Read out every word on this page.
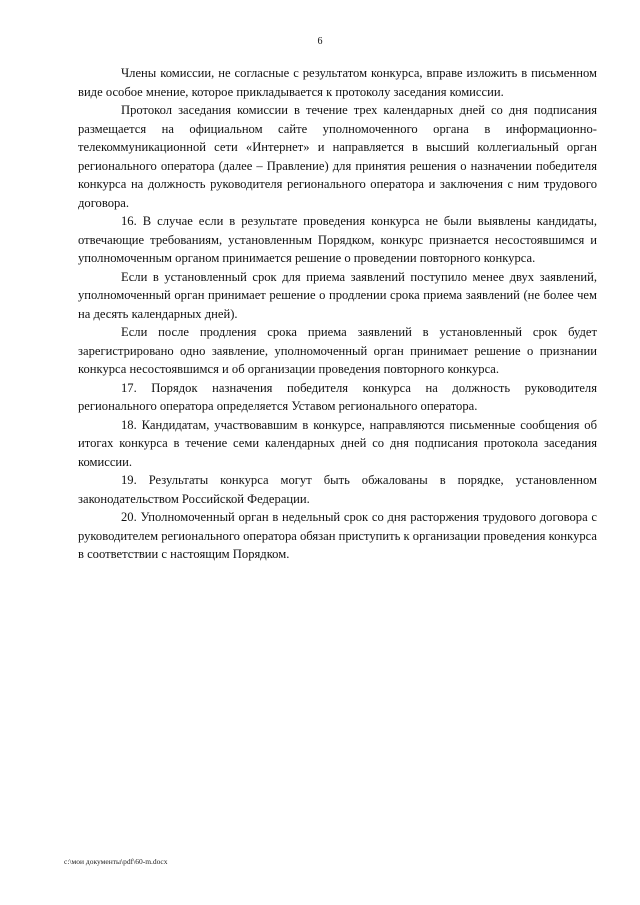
6

Члены комиссии, не согласные с результатом конкурса, вправе изложить в письменном виде особое мнение, которое прикладывается к протоколу заседания комиссии.

Протокол заседания комиссии в течение трех календарных дней со дня подписания размещается на официальном сайте уполномоченного органа в информационно-телекоммуникационной сети «Интернет» и направляется в высший коллегиальный орган регионального оператора (далее – Правление) для принятия решения о назначении победителя конкурса на должность руководителя регионального оператора и заключения с ним трудового договора.

16. В случае если в результате проведения конкурса не были выявлены кандидаты, отвечающие требованиям, установленным Порядком, конкурс признается несостоявшимся и уполномоченным органом принимается решение о проведении повторного конкурса.

Если в установленный срок для приема заявлений поступило менее двух заявлений, уполномоченный орган принимает решение о продлении срока приема заявлений (не более чем на десять календарных дней).

Если после продления срока приема заявлений в установленный срок будет зарегистрировано одно заявление, уполномоченный орган принимает решение о признании конкурса несостоявшимся и об организации проведения повторного конкурса.

17. Порядок назначения победителя конкурса на должность руководителя регионального оператора определяется Уставом регионального оператора.

18. Кандидатам, участвовавшим в конкурсе, направляются письменные сообщения об итогах конкурса в течение семи календарных дней со дня подписания протокола заседания комиссии.

19. Результаты конкурса могут быть обжалованы в порядке, установленном законодательством Российской Федерации.

20. Уполномоченный орган в недельный срок со дня расторжения трудового договора с руководителем регионального оператора обязан приступить к организации проведения конкурса в соответствии с настоящим Порядком.

c:\мои документы\pdf\60-m.docx
